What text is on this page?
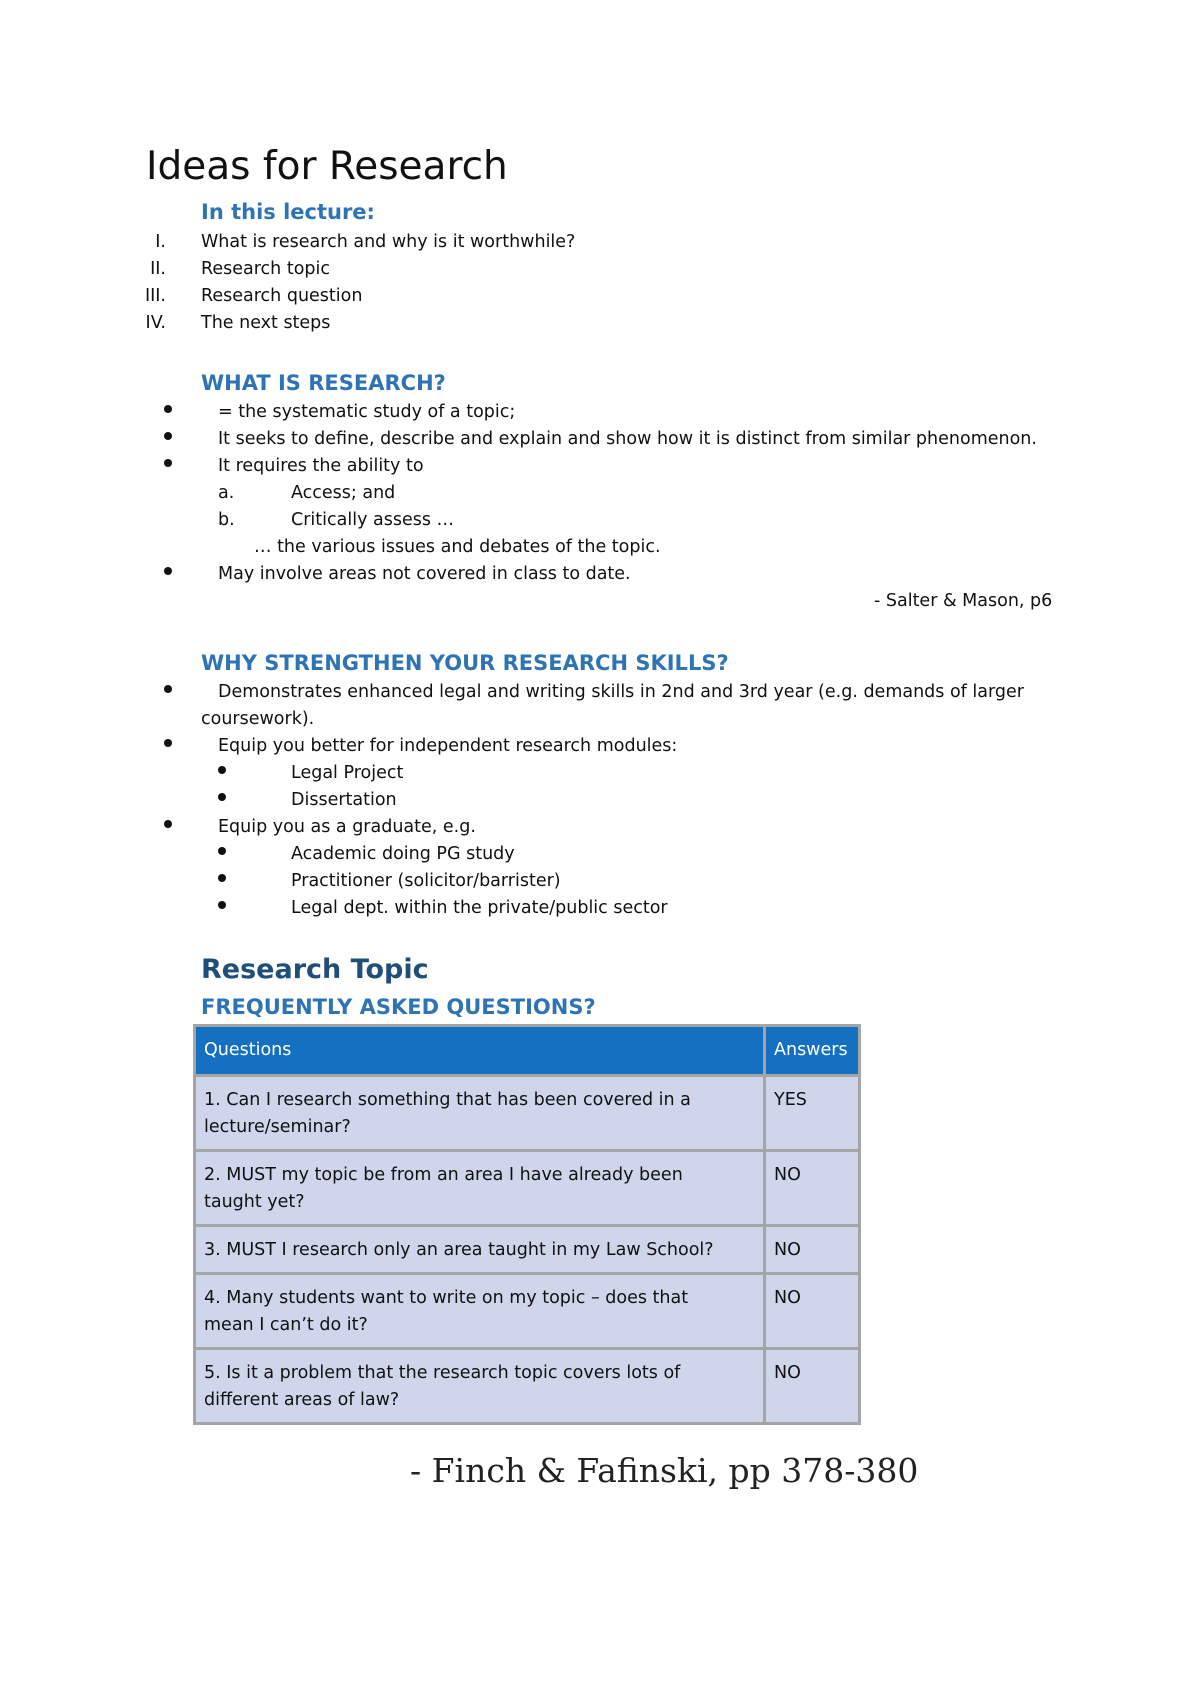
Ideas for Research
In this lecture:
I. What is research and why is it worthwhile?
II. Research topic
III. Research question
IV. The next steps
WHAT IS RESEARCH?
= the systematic study of a topic;
It seeks to define, describe and explain and show how it is distinct from similar phenomenon.
It requires the ability to
a.	Access; and
b.	Critically assess …
… the various issues and debates of the topic.
May involve areas not covered in class to date.
- Salter & Mason, p6
WHY STRENGTHEN YOUR RESEARCH SKILLS?
Demonstrates enhanced legal and writing skills in 2nd and 3rd year (e.g. demands of larger
coursework).
Equip you better for independent research modules:
Legal Project
Dissertation
Equip you as a graduate, e.g.
Academic doing PG study
Practitioner (solicitor/barrister)
Legal dept. within the private/public sector
Research Topic
FREQUENTLY ASKED QUESTIONS?
Questions	Answers

1. Can I research something that has been covered in a
lecture/seminar?	YES

2. MUST my topic be from an area I have already been
taught yet?	NO

3. MUST I research only an area taught in my Law School?	NO

4. Many students want to write on my topic – does that
mean I can’t do it?	NO

5. Is it a problem that the research topic covers lots of
different areas of law?	NO
- Finch & Fafinski, pp 378-380
